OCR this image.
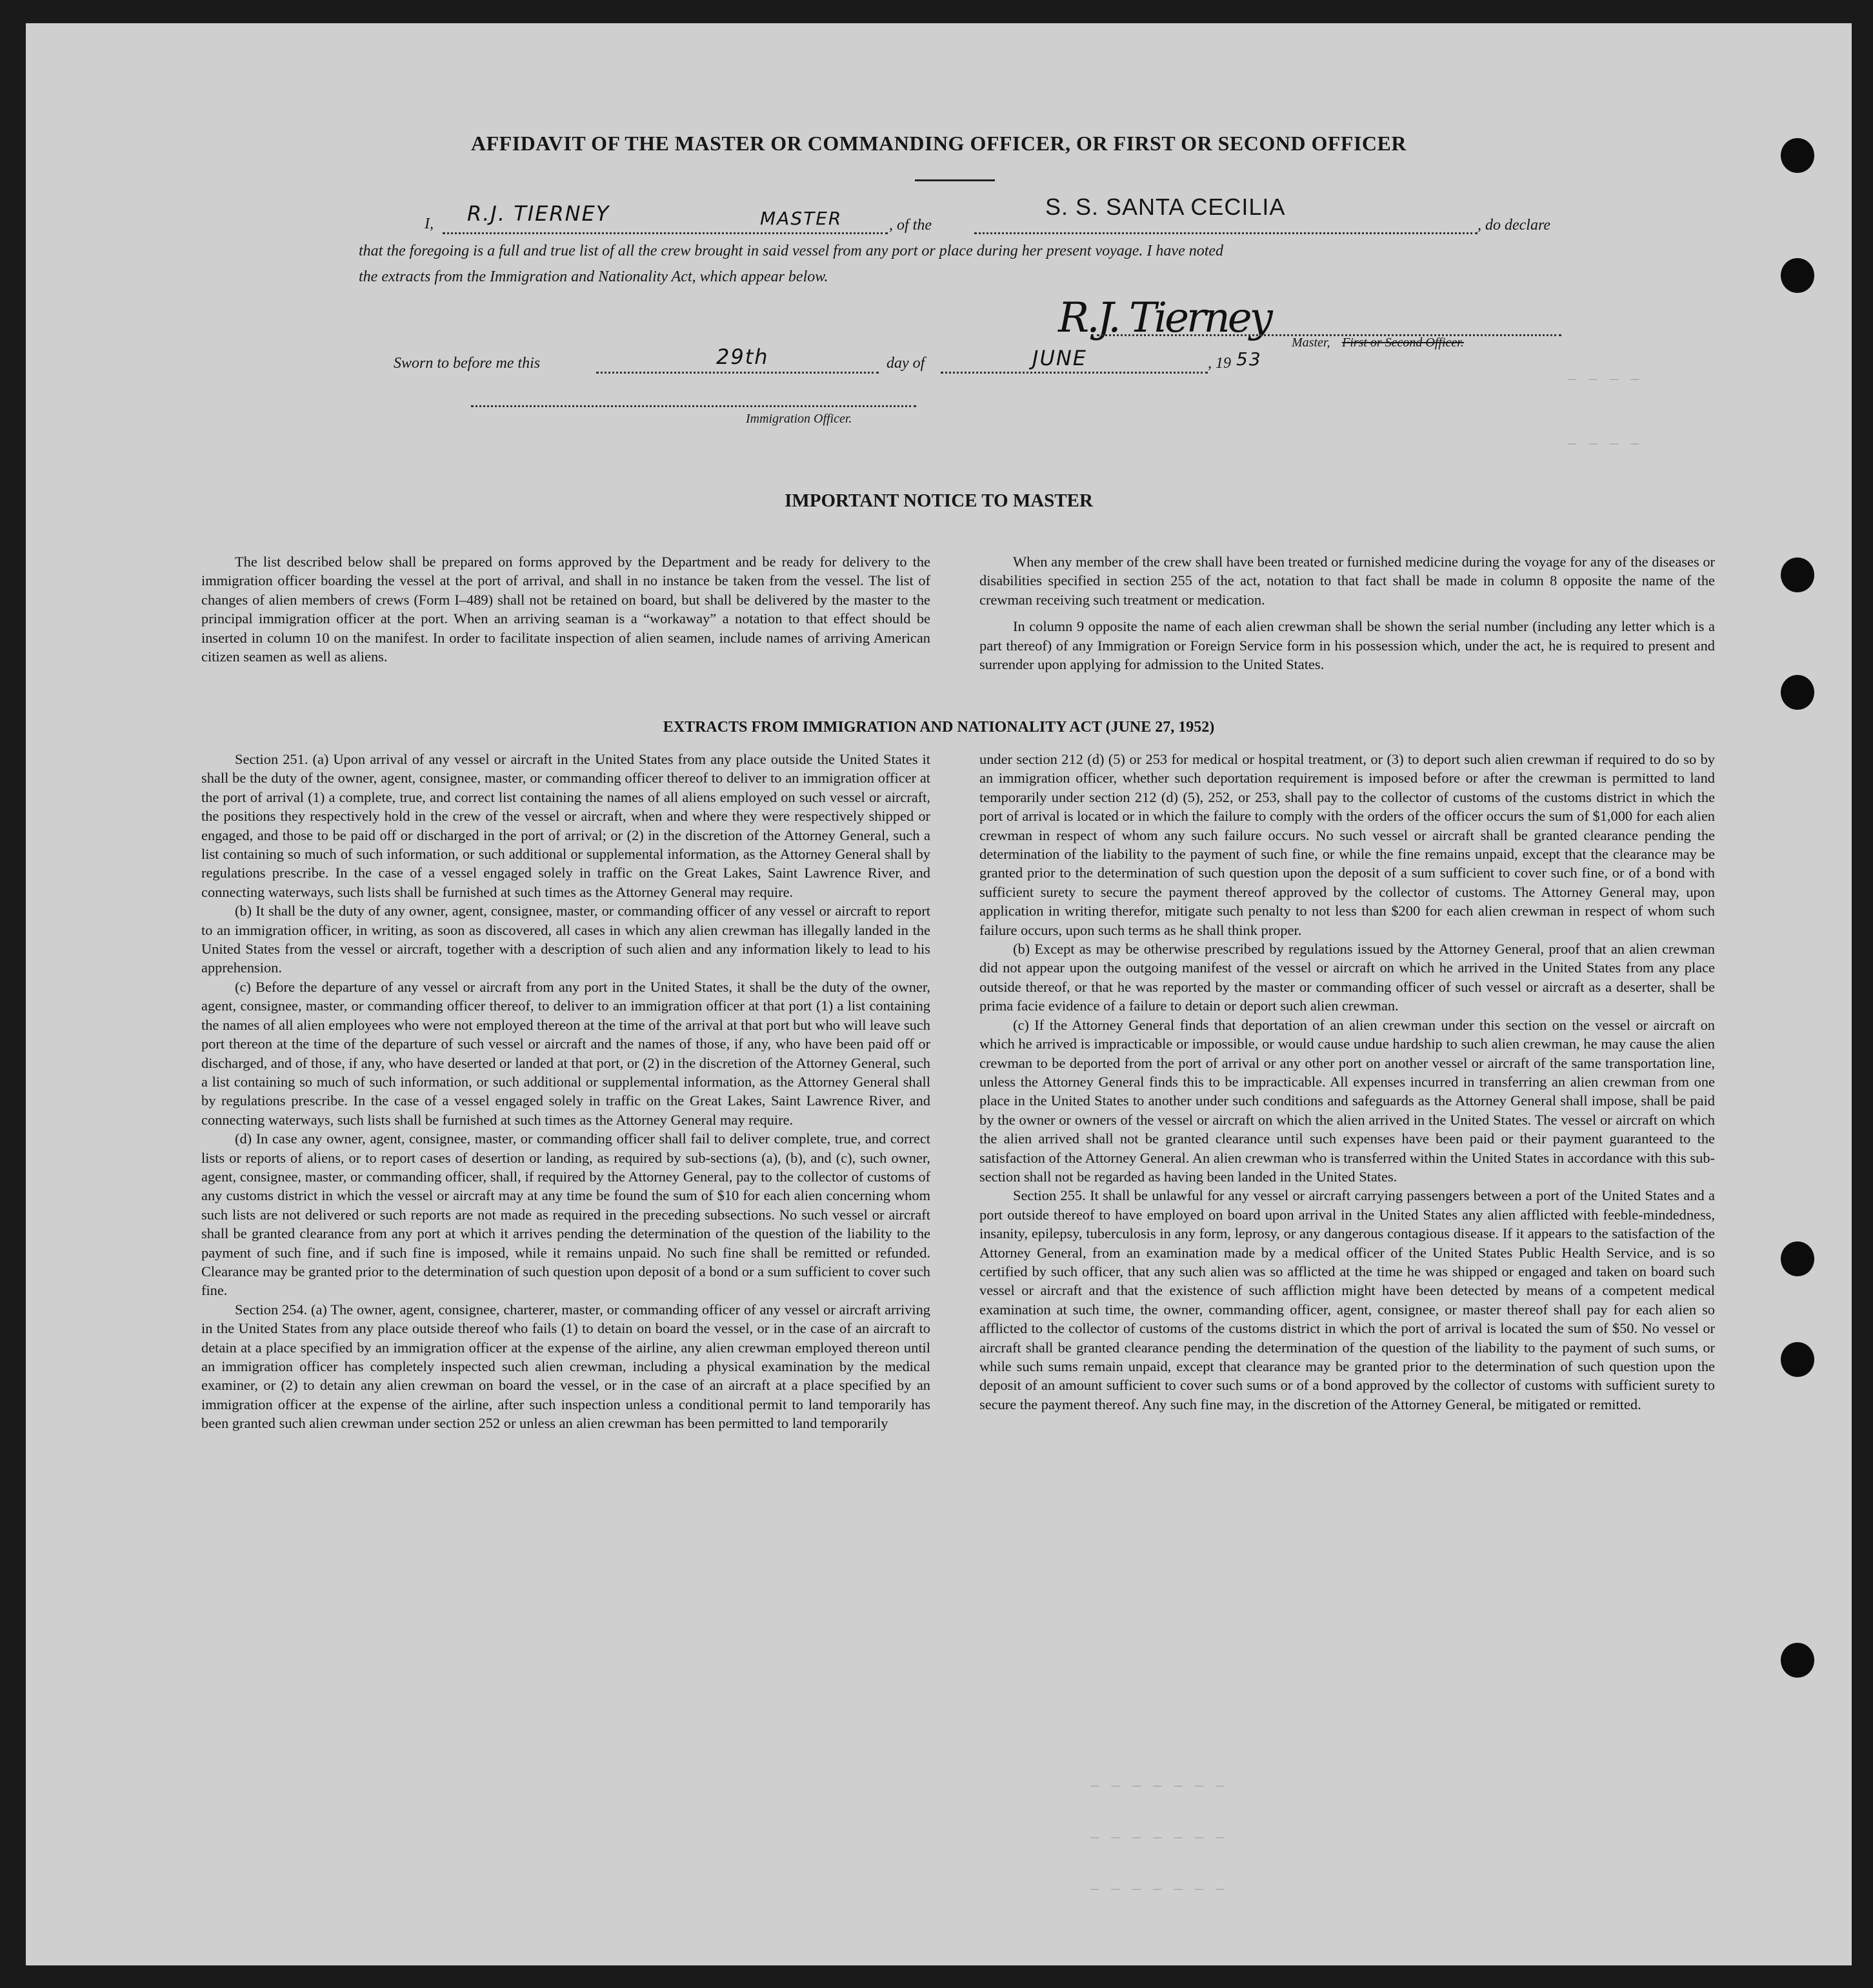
— — — —
— — — —
— — — — — — —
— — — — — — —
— — — — — — —
AFFIDAVIT OF THE MASTER OR COMMANDING OFFICER, OR FIRST OR SECOND OFFICER
I, R.J. TIERNEY	MASTER	, of the
S. S. SANTA CECILIA
, do declare
that the foregoing is a full and true list of all the crew brought in said vessel from any port or place during her present voyage. I have noted
the extracts from the Immigration and Nationality Act, which appear below.
R.J. Tierney
Master, First or Second Officer.
Sworn to before me this	29th	day of	JUNE	, 19 53
Immigration Officer.
IMPORTANT NOTICE TO MASTER

The list described below shall be prepared on forms approved by the Department and be ready for delivery to the immigration officer boarding the vessel at the port of arrival, and shall in no instance be taken from the vessel. The list of changes of alien members of crews (Form I–489) shall not be retained on board, but shall be delivered by the master to the principal immigration officer at the port. When an arriving seaman is a “workaway” a notation to that effect should be inserted in column 10 on the manifest. In order to facilitate inspection of alien seamen, include names of arriving American citizen seamen as well as aliens.

When any member of the crew shall have been treated or furnished medicine during the voyage for any of the diseases or disabilities specified in section 255 of the act, notation to that fact shall be made in column 8 opposite the name of the crewman receiving such treatment or medication.

In column 9 opposite the name of each alien crewman shall be shown the serial number (including any letter which is a part thereof) of any Immigration or Foreign Service form in his possession which, under the act, he is required to present and surrender upon applying for admission to the United States.

EXTRACTS FROM IMMIGRATION AND NATIONALITY ACT (JUNE 27, 1952)

Section 251. (a) Upon arrival of any vessel or aircraft in the United States from any place outside the United States it shall be the duty of the owner, agent, consignee, master, or commanding officer thereof to deliver to an immigration officer at the port of arrival (1) a complete, true, and correct list containing the names of all aliens employed on such vessel or aircraft, the positions they respectively hold in the crew of the vessel or aircraft, when and where they were respectively shipped or engaged, and those to be paid off or discharged in the port of arrival; or (2) in the discretion of the Attorney General, such a list containing so much of such information, or such additional or supplemental information, as the Attorney General shall by regulations prescribe. In the case of a vessel engaged solely in traffic on the Great Lakes, Saint Lawrence River, and connecting waterways, such lists shall be furnished at such times as the Attorney General may require.

(b) It shall be the duty of any owner, agent, consignee, master, or commanding officer of any vessel or aircraft to report to an immigration officer, in writing, as soon as discovered, all cases in which any alien crewman has illegally landed in the United States from the vessel or aircraft, together with a description of such alien and any information likely to lead to his apprehension.

(c) Before the departure of any vessel or aircraft from any port in the United States, it shall be the duty of the owner, agent, consignee, master, or commanding officer thereof, to deliver to an immigration officer at that port (1) a list containing the names of all alien employees who were not employed thereon at the time of the arrival at that port but who will leave such port thereon at the time of the departure of such vessel or aircraft and the names of those, if any, who have been paid off or discharged, and of those, if any, who have deserted or landed at that port, or (2) in the discretion of the Attorney General, such a list containing so much of such information, or such additional or supplemental information, as the Attorney General shall by regulations prescribe. In the case of a vessel engaged solely in traffic on the Great Lakes, Saint Lawrence River, and connecting waterways, such lists shall be furnished at such times as the Attorney General may require.

(d) In case any owner, agent, consignee, master, or commanding officer shall fail to deliver complete, true, and correct lists or reports of aliens, or to report cases of desertion or landing, as required by sub-sections (a), (b), and (c), such owner, agent, consignee, master, or commanding officer, shall, if required by the Attorney General, pay to the collector of customs of any customs district in which the vessel or aircraft may at any time be found the sum of $10 for each alien concerning whom such lists are not delivered or such reports are not made as required in the preceding subsections. No such vessel or aircraft shall be granted clearance from any port at which it arrives pending the determination of the question of the liability to the payment of such fine, and if such fine is imposed, while it remains unpaid. No such fine shall be remitted or refunded. Clearance may be granted prior to the determination of such question upon deposit of a bond or a sum sufficient to cover such fine.

Section 254. (a) The owner, agent, consignee, charterer, master, or commanding officer of any vessel or aircraft arriving in the United States from any place outside thereof who fails (1) to detain on board the vessel, or in the case of an aircraft to detain at a place specified by an immigration officer at the expense of the airline, any alien crewman employed thereon until an immigration officer has completely inspected such alien crewman, including a physical examination by the medical examiner, or (2) to detain any alien crewman on board the vessel, or in the case of an aircraft at a place specified by an immigration officer at the expense of the airline, after such inspection unless a conditional permit to land temporarily has been granted such alien crewman under section 252 or unless an alien crewman has been permitted to land temporarily

under section 212 (d) (5) or 253 for medical or hospital treatment, or (3) to deport such alien crewman if required to do so by an immigration officer, whether such deportation requirement is imposed before or after the crewman is permitted to land temporarily under section 212 (d) (5), 252, or 253, shall pay to the collector of customs of the customs district in which the port of arrival is located or in which the failure to comply with the orders of the officer occurs the sum of $1,000 for each alien crewman in respect of whom any such failure occurs. No such vessel or aircraft shall be granted clearance pending the determination of the liability to the payment of such fine, or while the fine remains unpaid, except that the clearance may be granted prior to the determination of such question upon the deposit of a sum sufficient to cover such fine, or of a bond with sufficient surety to secure the payment thereof approved by the collector of customs. The Attorney General may, upon application in writing therefor, mitigate such penalty to not less than $200 for each alien crewman in respect of whom such failure occurs, upon such terms as he shall think proper.

(b) Except as may be otherwise prescribed by regulations issued by the Attorney General, proof that an alien crewman did not appear upon the outgoing manifest of the vessel or aircraft on which he arrived in the United States from any place outside thereof, or that he was reported by the master or commanding officer of such vessel or aircraft as a deserter, shall be prima facie evidence of a failure to detain or deport such alien crewman.

(c) If the Attorney General finds that deportation of an alien crewman under this section on the vessel or aircraft on which he arrived is impracticable or impossible, or would cause undue hardship to such alien crewman, he may cause the alien crewman to be deported from the port of arrival or any other port on another vessel or aircraft of the same transportation line, unless the Attorney General finds this to be impracticable. All expenses incurred in transferring an alien crewman from one place in the United States to another under such conditions and safeguards as the Attorney General shall impose, shall be paid by the owner or owners of the vessel or aircraft on which the alien arrived in the United States. The vessel or aircraft on which the alien arrived shall not be granted clearance until such expenses have been paid or their payment guaranteed to the satisfaction of the Attorney General. An alien crewman who is transferred within the United States in accordance with this sub-section shall not be regarded as having been landed in the United States.

Section 255. It shall be unlawful for any vessel or aircraft carrying passengers between a port of the United States and a port outside thereof to have employed on board upon arrival in the United States any alien afflicted with feeble-mindedness, insanity, epilepsy, tuberculosis in any form, leprosy, or any dangerous contagious disease. If it appears to the satisfaction of the Attorney General, from an examination made by a medical officer of the United States Public Health Service, and is so certified by such officer, that any such alien was so afflicted at the time he was shipped or engaged and taken on board such vessel or aircraft and that the existence of such affliction might have been detected by means of a competent medical examination at such time, the owner, commanding officer, agent, consignee, or master thereof shall pay for each alien so afflicted to the collector of customs of the customs district in which the port of arrival is located the sum of $50. No vessel or aircraft shall be granted clearance pending the determination of the question of the liability to the payment of such sums, or while such sums remain unpaid, except that clearance may be granted prior to the determination of such question upon the deposit of an amount sufficient to cover such sums or of a bond approved by the collector of customs with sufficient surety to secure the payment thereof. Any such fine may, in the discretion of the Attorney General, be mitigated or remitted.
